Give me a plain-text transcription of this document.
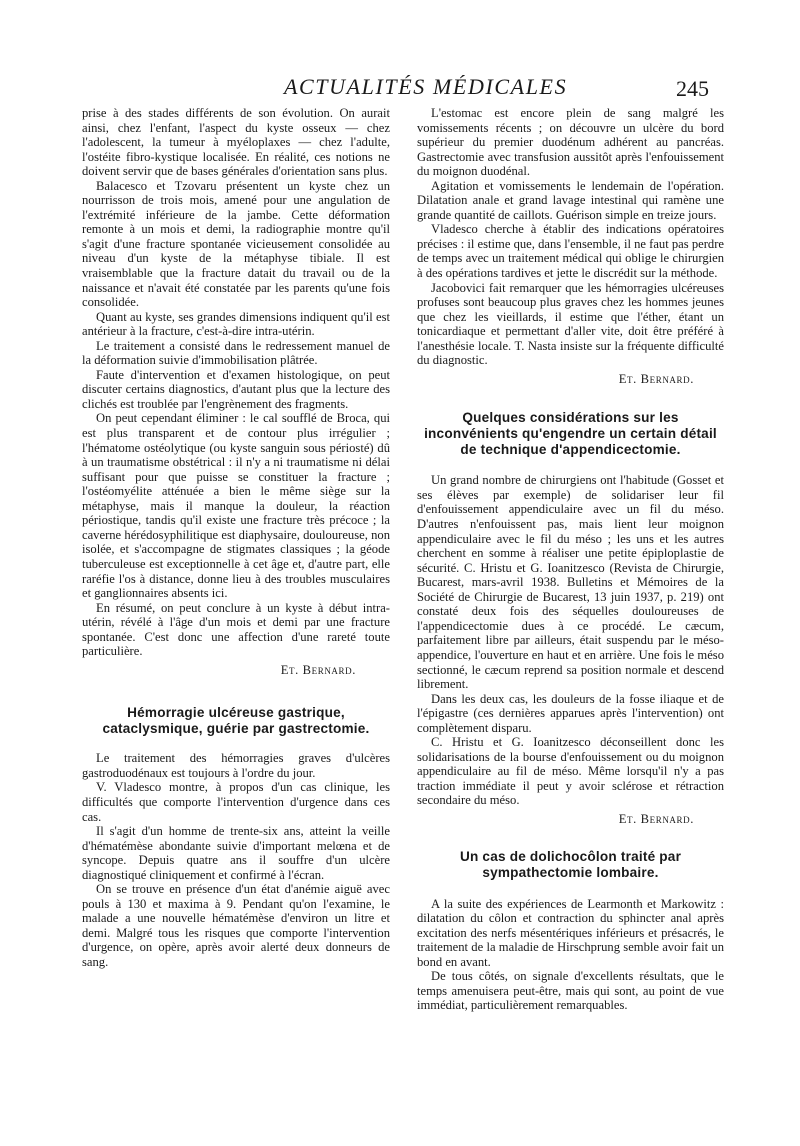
ACTUALITÉS MÉDICALES	245

prise à des stades différents de son évolution. On aurait ainsi, chez l'enfant, l'aspect du kyste osseux — chez l'adolescent, la tumeur à myéloplaxes — chez l'adulte, l'ostéite fibro-kystique localisée. En réalité, ces notions ne doivent servir que de bases générales d'orientation sans plus.

Balacesco et Tzovaru présentent un kyste chez un nourrisson de trois mois, amené pour une angulation de l'extrémité inférieure de la jambe. Cette déformation remonte à un mois et demi, la radiographie montre qu'il s'agit d'une fracture spontanée vicieusement consolidée au niveau d'un kyste de la métaphyse tibiale. Il est vraisemblable que la fracture datait du travail ou de la naissance et n'avait été constatée par les parents qu'une fois consolidée.

Quant au kyste, ses grandes dimensions indiquent qu'il est antérieur à la fracture, c'est-à-dire intra-utérin.

Le traitement a consisté dans le redressement manuel de la déformation suivie d'immobilisation plâtrée.

Faute d'intervention et d'examen histologique, on peut discuter certains diagnostics, d'autant plus que la lecture des clichés est troublée par l'engrènement des fragments.

On peut cependant éliminer : le cal soufflé de Broca, qui est plus transparent et de contour plus irrégulier ; l'hématome ostéolytique (ou kyste sanguin sous périosté) dû à un traumatisme obstétrical : il n'y a ni traumatisme ni délai suffisant pour que puisse se constituer la fracture ; l'ostéomyélite atténuée a bien le même siège sur la métaphyse, mais il manque la douleur, la réaction périostique, tandis qu'il existe une fracture très précoce ; la caverne hérédosyphilitique est diaphysaire, douloureuse, non isolée, et s'accompagne de stigmates classiques ; la géode tuberculeuse est exceptionnelle à cet âge et, d'autre part, elle raréfie l'os à distance, donne lieu à des troubles musculaires et ganglionnaires absents ici.

En résumé, on peut conclure à un kyste à début intra-utérin, révélé à l'âge d'un mois et demi par une fracture spontanée. C'est donc une affection d'une rareté toute particulière.

Et. Bernard.
Hémorragie ulcéreuse gastrique, cataclysmique, guérie par gastrectomie.

Le traitement des hémorragies graves d'ulcères gastroduodénaux est toujours à l'ordre du jour.

V. Vladesco montre, à propos d'un cas clinique, les difficultés que comporte l'intervention d'urgence dans ces cas.

Il s'agit d'un homme de trente-six ans, atteint la veille d'hématémèse abondante suivie d'important melœna et de syncope. Depuis quatre ans il souffre d'un ulcère diagnostiqué cliniquement et confirmé à l'écran.

On se trouve en présence d'un état d'anémie aiguë avec pouls à 130 et maxima à 9. Pendant qu'on l'examine, le malade a une nouvelle hématémèse d'environ un litre et demi. Malgré tous les risques que comporte l'intervention d'urgence, on opère, après avoir alerté deux donneurs de sang.

L'estomac est encore plein de sang malgré les vomissements récents ; on découvre un ulcère du bord supérieur du premier duodénum adhérent au pancréas. Gastrectomie avec transfusion aussitôt après l'enfouissement du moignon duodénal.

Agitation et vomissements le lendemain de l'opération. Dilatation anale et grand lavage intestinal qui ramène une grande quantité de caillots. Guérison simple en treize jours.

Vladesco cherche à établir des indications opératoires précises : il estime que, dans l'ensemble, il ne faut pas perdre de temps avec un traitement médical qui oblige le chirurgien à des opérations tardives et jette le discrédit sur la méthode.

Jacobovici fait remarquer que les hémorragies ulcéreuses profuses sont beaucoup plus graves chez les hommes jeunes que chez les vieillards, il estime que l'éther, étant un tonicardiaque et permettant d'aller vite, doit être préféré à l'anesthésie locale. T. Nasta insiste sur la fréquente difficulté du diagnostic.

Et. Bernard.
Quelques considérations sur les inconvénients qu'engendre un certain détail de technique d'appendicectomie.

Un grand nombre de chirurgiens ont l'habitude (Gosset et ses élèves par exemple) de solidariser leur fil d'enfouissement appendiculaire avec un fil du méso. D'autres n'enfouissent pas, mais lient leur moignon appendiculaire avec le fil du méso ; les uns et les autres cherchent en somme à réaliser une petite épiploplastie de sécurité. C. Hristu et G. Ioanitzesco (Revista de Chirurgie, Bucarest, mars-avril 1938. Bulletins et Mémoires de la Société de Chirurgie de Bucarest, 13 juin 1937, p. 219) ont constaté deux fois des séquelles douloureuses de l'appendicectomie dues à ce procédé. Le cæcum, parfaitement libre par ailleurs, était suspendu par le méso-appendice, l'ouverture en haut et en arrière. Une fois le méso sectionné, le cæcum reprend sa position normale et descend librement.

Dans les deux cas, les douleurs de la fosse iliaque et de l'épigastre (ces dernières apparues après l'intervention) ont complètement disparu.

C. Hristu et G. Ioanitzesco déconseillent donc les solidarisations de la bourse d'enfouissement ou du moignon appendiculaire au fil de méso. Même lorsqu'il n'y a pas traction immédiate il peut y avoir sclérose et rétraction secondaire du méso.

Et. Bernard.
Un cas de dolichocôlon traité par sympathectomie lombaire.

A la suite des expériences de Learmonth et Markowitz : dilatation du côlon et contraction du sphincter anal après excitation des nerfs mésentériques inférieurs et présacrés, le traitement de la maladie de Hirschprung semble avoir fait un bond en avant.

De tous côtés, on signale d'excellents résultats, que le temps amenuisera peut-être, mais qui sont, au point de vue immédiat, particulièrement remarquables.
